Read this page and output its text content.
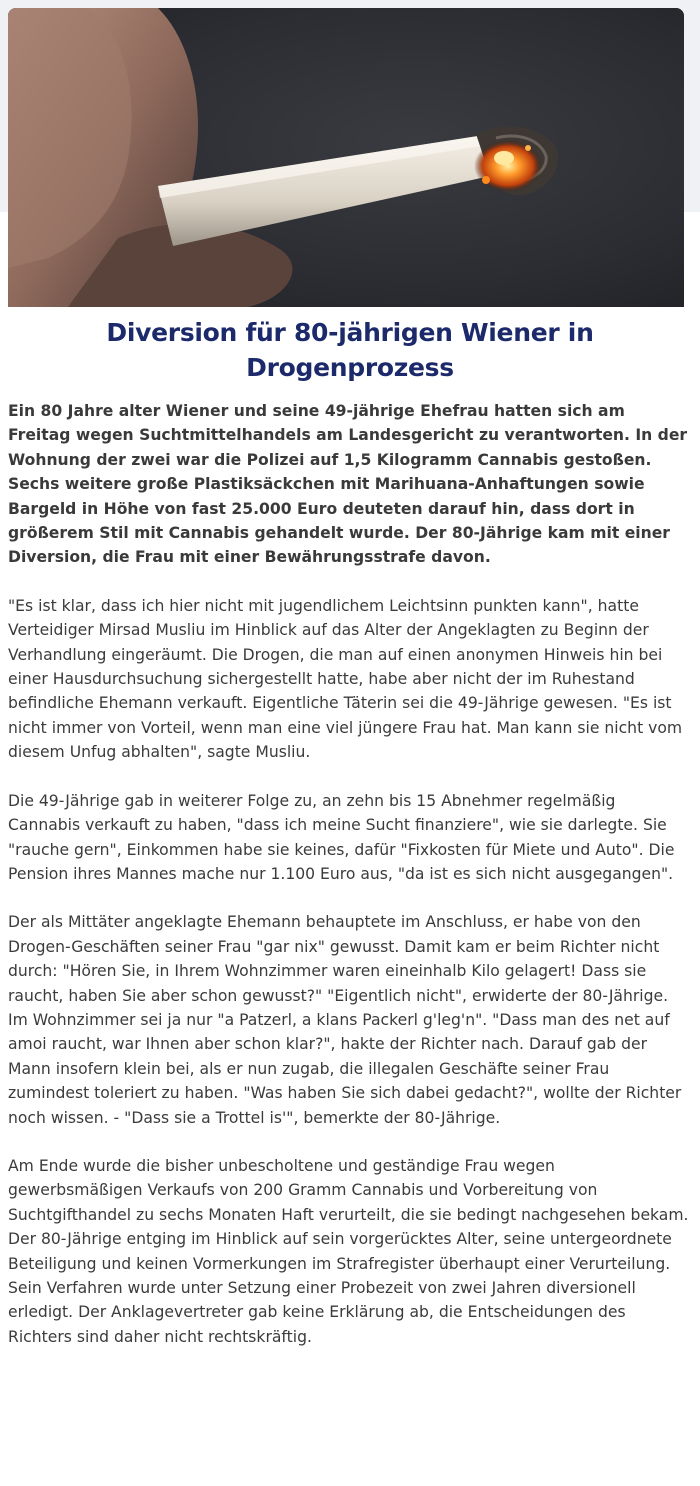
Diversion für 80-jährigen Wiener in Drogenprozess

Ein 80 Jahre alter Wiener und seine 49-jährige Ehefrau hatten sich am Freitag wegen Suchtmittelhandels am Landesgericht zu verantworten. In der Wohnung der zwei war die Polizei auf 1,5 Kilogramm Cannabis gestoßen. Sechs weitere große Plastiksäckchen mit Marihuana-Anhaftungen sowie Bargeld in Höhe von fast 25.000 Euro deuteten darauf hin, dass dort in größerem Stil mit Cannabis gehandelt wurde. Der 80-Jährige kam mit einer Diversion, die Frau mit einer Bewährungsstrafe davon.

"Es ist klar, dass ich hier nicht mit jugendlichem Leichtsinn punkten kann", hatte Verteidiger Mirsad Musliu im Hinblick auf das Alter der Angeklagten zu Beginn der Verhandlung eingeräumt. Die Drogen, die man auf einen anonymen Hinweis hin bei einer Hausdurchsuchung sichergestellt hatte, habe aber nicht der im Ruhestand befindliche Ehemann verkauft. Eigentliche Täterin sei die 49-Jährige gewesen. "Es ist nicht immer von Vorteil, wenn man eine viel jüngere Frau hat. Man kann sie nicht vom diesem Unfug abhalten", sagte Musliu.

Die 49-Jährige gab in weiterer Folge zu, an zehn bis 15 Abnehmer regelmäßig Cannabis verkauft zu haben, "dass ich meine Sucht finanziere", wie sie darlegte. Sie "rauche gern", Einkommen habe sie keines, dafür "Fixkosten für Miete und Auto". Die Pension ihres Mannes mache nur 1.100 Euro aus, "da ist es sich nicht ausgegangen".

Der als Mittäter angeklagte Ehemann behauptete im Anschluss, er habe von den Drogen-Geschäften seiner Frau "gar nix" gewusst. Damit kam er beim Richter nicht durch: "Hören Sie, in Ihrem Wohnzimmer waren eineinhalb Kilo gelagert! Dass sie raucht, haben Sie aber schon gewusst?" "Eigentlich nicht", erwiderte der 80-Jährige. Im Wohnzimmer sei ja nur "a Patzerl, a klans Packerl g'leg'n". "Dass man des net auf amoi raucht, war Ihnen aber schon klar?", hakte der Richter nach. Darauf gab der Mann insofern klein bei, als er nun zugab, die illegalen Geschäfte seiner Frau zumindest toleriert zu haben. "Was haben Sie sich dabei gedacht?", wollte der Richter noch wissen. - "Dass sie a Trottel is'", bemerkte der 80-Jährige.

Am Ende wurde die bisher unbescholtene und geständige Frau wegen gewerbsmäßigen Verkaufs von 200 Gramm Cannabis und Vorbereitung von Suchtgifthandel zu sechs Monaten Haft verurteilt, die sie bedingt nachgesehen bekam. Der 80-Jährige entging im Hinblick auf sein vorgerücktes Alter, seine untergeordnete Beteiligung und keinen Vormerkungen im Strafregister überhaupt einer Verurteilung. Sein Verfahren wurde unter Setzung einer Probezeit von zwei Jahren diversionell erledigt. Der Anklagevertreter gab keine Erklärung ab, die Entscheidungen des Richters sind daher nicht rechtskräftig.
